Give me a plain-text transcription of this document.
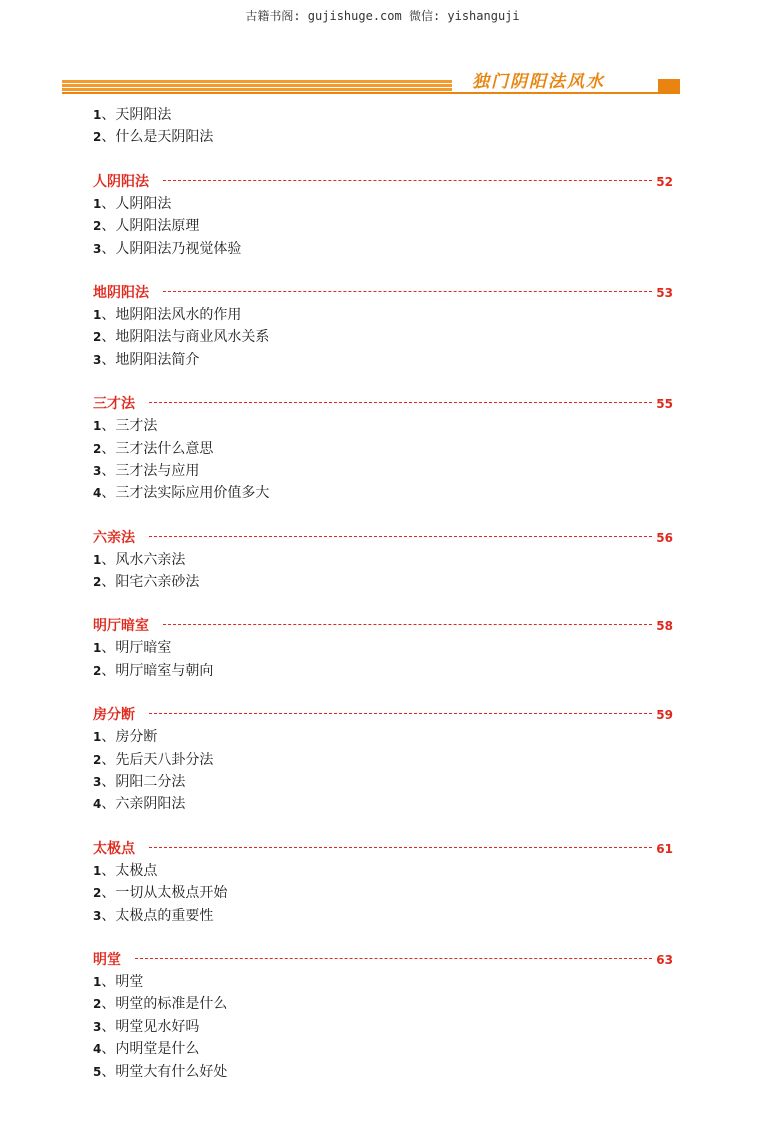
古籍书阁: gujishuge.com 微信: yishanguji
独门阴阳法风水
1、天阴阳法
2、什么是天阴阳法
人阴阳法	52
1、人阴阳法
2、人阴阳法原理
3、人阴阳法乃视觉体验
地阴阳法	53
1、地阴阳法风水的作用
2、地阴阳法与商业风水关系
3、地阴阳法简介
三才法	55
1、三才法
2、三才法什么意思
3、三才法与应用
4、三才法实际应用价值多大
六亲法	56
1、风水六亲法
2、阳宅六亲砂法
明厅暗室	58
1、明厅暗室
2、明厅暗室与朝向
房分断	59
1、房分断
2、先后天八卦分法
3、阴阳二分法
4、六亲阴阳法
太极点	61
1、太极点
2、一切从太极点开始
3、太极点的重要性
明堂	63
1、明堂
2、明堂的标准是什么
3、明堂见水好吗
4、内明堂是什么
5、明堂大有什么好处
